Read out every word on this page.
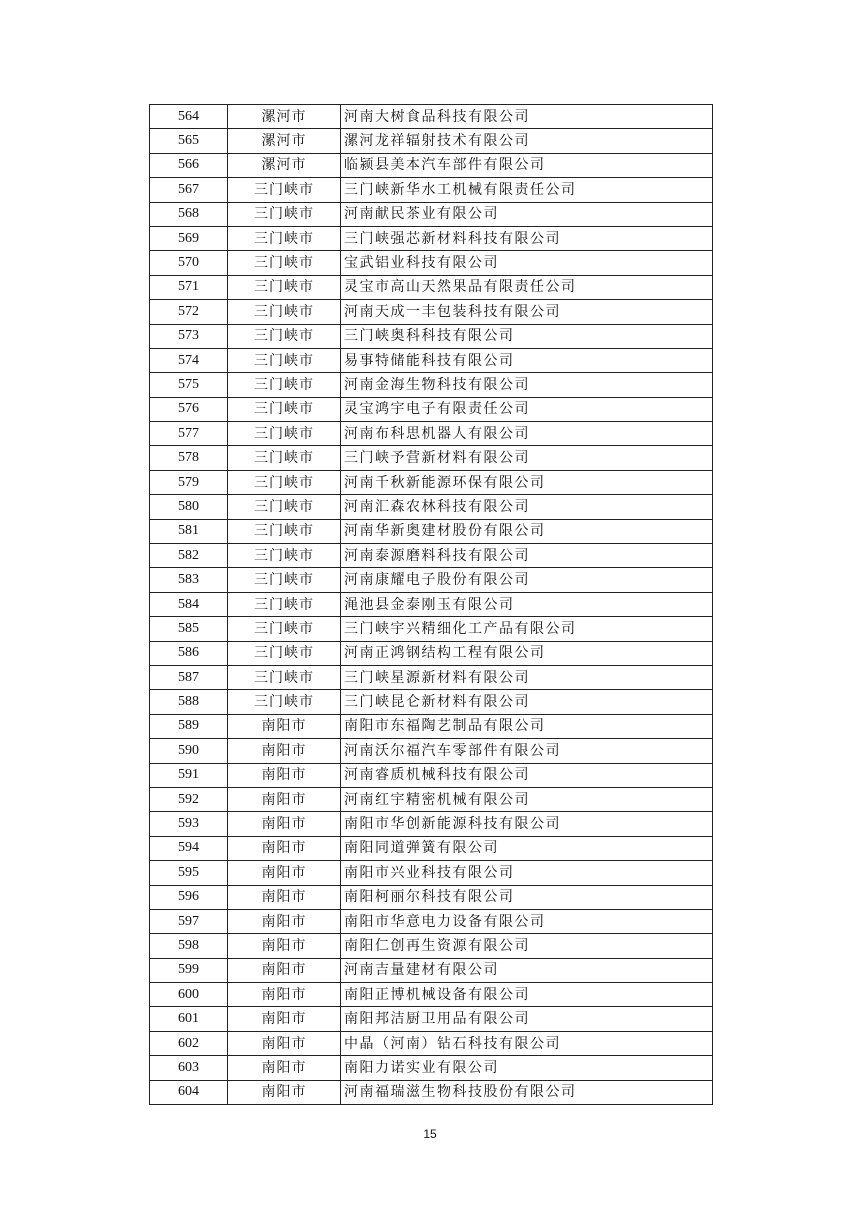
564	漯河市	河南大树食品科技有限公司
565	漯河市	漯河龙祥辐射技术有限公司
566	漯河市	临颍县美本汽车部件有限公司
567	三门峡市	三门峡新华水工机械有限责任公司
568	三门峡市	河南献民茶业有限公司
569	三门峡市	三门峡强芯新材料科技有限公司
570	三门峡市	宝武铝业科技有限公司
571	三门峡市	灵宝市高山天然果品有限责任公司
572	三门峡市	河南天成一丰包装科技有限公司
573	三门峡市	三门峡奥科科技有限公司
574	三门峡市	易事特储能科技有限公司
575	三门峡市	河南金海生物科技有限公司
576	三门峡市	灵宝鸿宇电子有限责任公司
577	三门峡市	河南布科思机器人有限公司
578	三门峡市	三门峡予营新材料有限公司
579	三门峡市	河南千秋新能源环保有限公司
580	三门峡市	河南汇森农林科技有限公司
581	三门峡市	河南华新奥建材股份有限公司
582	三门峡市	河南泰源磨料科技有限公司
583	三门峡市	河南康耀电子股份有限公司
584	三门峡市	渑池县金泰刚玉有限公司
585	三门峡市	三门峡宇兴精细化工产品有限公司
586	三门峡市	河南正鸿钢结构工程有限公司
587	三门峡市	三门峡星源新材料有限公司
588	三门峡市	三门峡昆仑新材料有限公司
589	南阳市	南阳市东福陶艺制品有限公司
590	南阳市	河南沃尔福汽车零部件有限公司
591	南阳市	河南睿质机械科技有限公司
592	南阳市	河南红宇精密机械有限公司
593	南阳市	南阳市华创新能源科技有限公司
594	南阳市	南阳同道弹簧有限公司
595	南阳市	南阳市兴业科技有限公司
596	南阳市	南阳柯丽尔科技有限公司
597	南阳市	南阳市华意电力设备有限公司
598	南阳市	南阳仁创再生资源有限公司
599	南阳市	河南吉量建材有限公司
600	南阳市	南阳正博机械设备有限公司
601	南阳市	南阳邦洁厨卫用品有限公司
602	南阳市	中晶（河南）钻石科技有限公司
603	南阳市	南阳力诺实业有限公司
604	南阳市	河南福瑞滋生物科技股份有限公司
15
